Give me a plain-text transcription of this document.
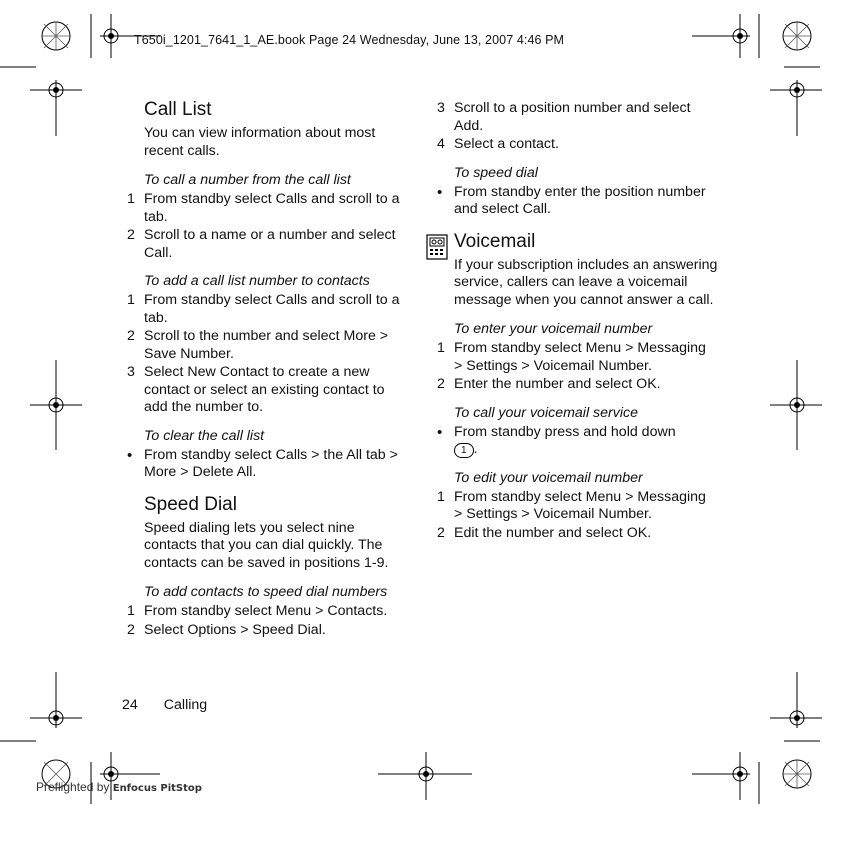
T650i_1201_7641_1_AE.book Page 24 Wednesday, June 13, 2007 4:46 PM
Call List
You can view information about most recent calls.
To call a number from the call list
1 From standby select Calls and scroll to a tab.
2 Scroll to a name or a number and select Call.
To add a call list number to contacts
1 From standby select Calls and scroll to a tab.
2 Scroll to the number and select More > Save Number.
3 Select New Contact to create a new contact or select an existing contact to add the number to.
To clear the call list
• From standby select Calls > the All tab > More > Delete All.
Speed Dial
Speed dialing lets you select nine contacts that you can dial quickly. The contacts can be saved in positions 1-9.
To add contacts to speed dial numbers
1 From standby select Menu > Contacts.
2 Select Options > Speed Dial.
3 Scroll to a position number and select Add.
4 Select a contact.
To speed dial
• From standby enter the position number and select Call.
Voicemail
If your subscription includes an answering service, callers can leave a voicemail message when you cannot answer a call.
To enter your voicemail number
1 From standby select Menu > Messaging > Settings > Voicemail Number.
2 Enter the number and select OK.
To call your voicemail service
• From standby press and hold down
1 .
To edit your voicemail number
1 From standby select Menu > Messaging > Settings > Voicemail Number.
2 Edit the number and select OK.
24 Calling
Preflighted by Enfocus PitStop
